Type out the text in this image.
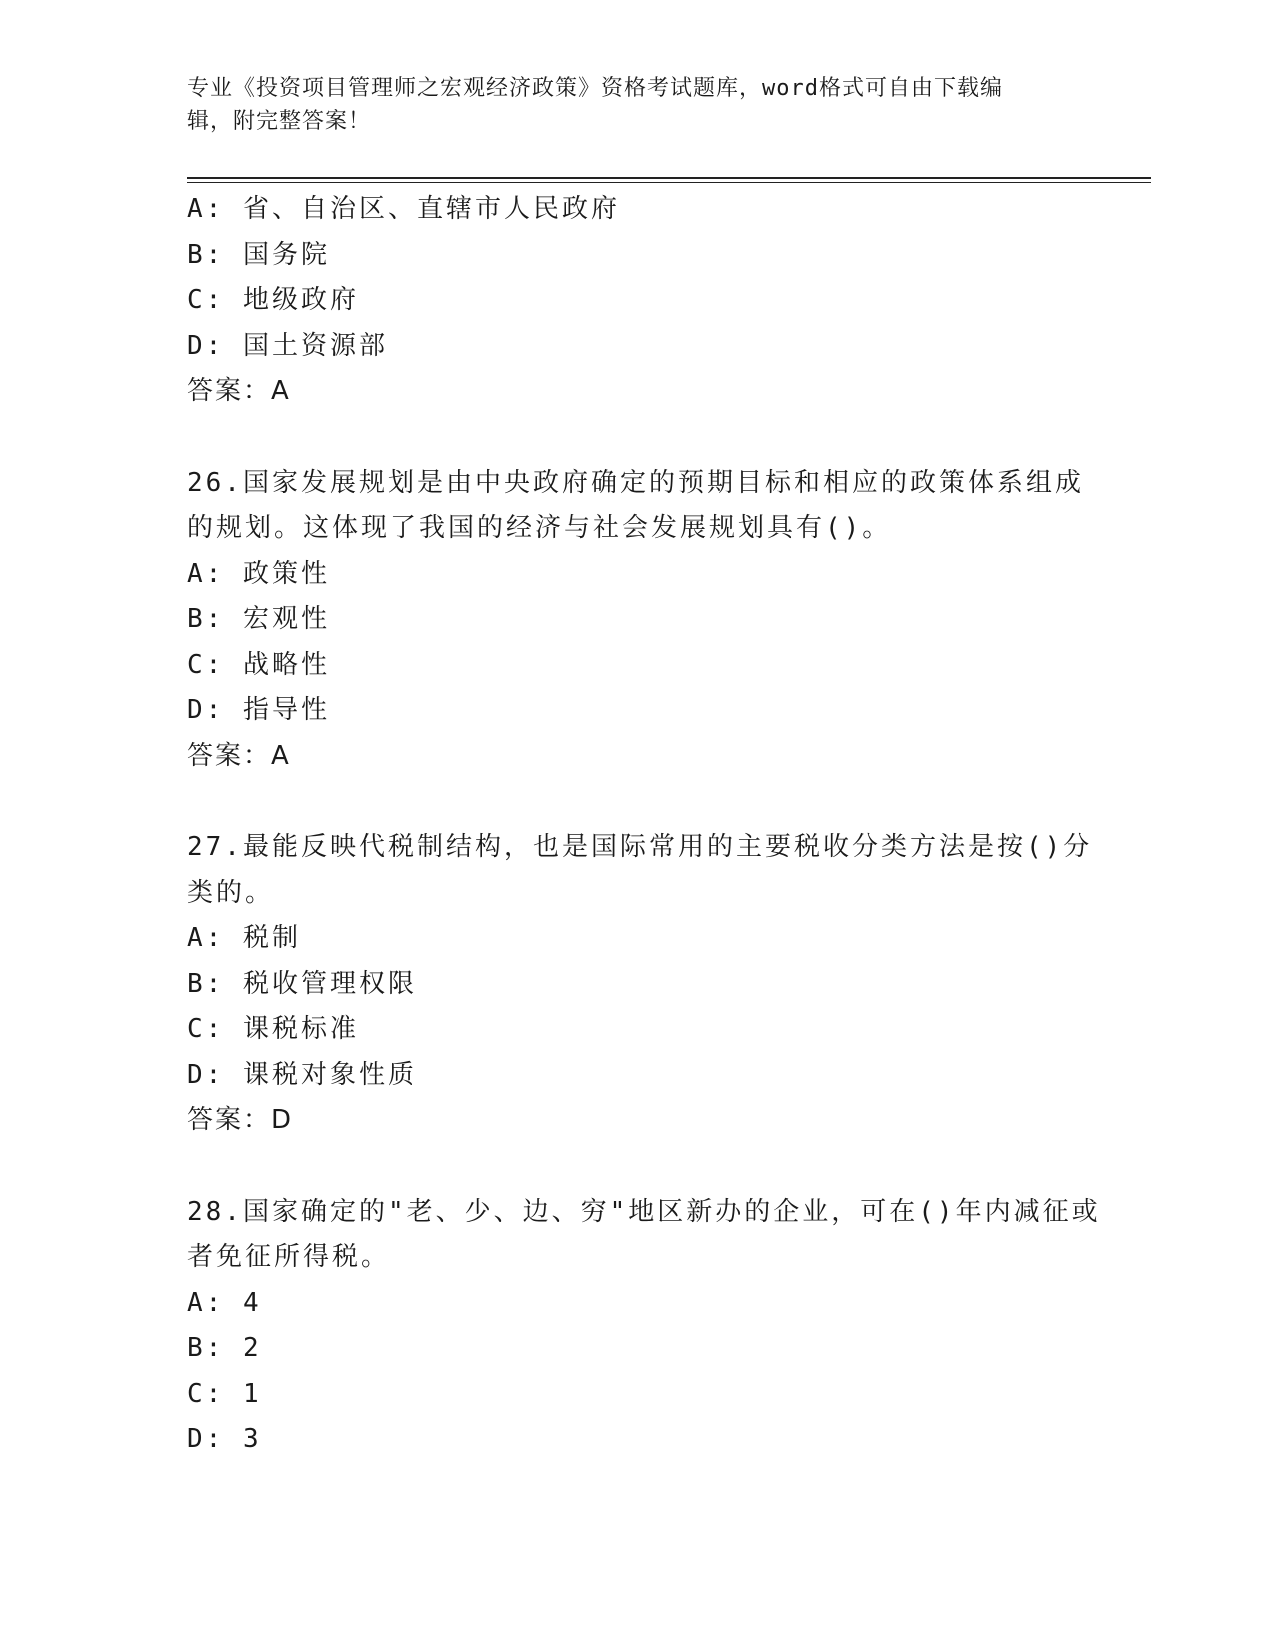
专业《投资项目管理师之宏观经济政策》资格考试题库，word格式可自由下载编
辑，附完整答案！
A: 省、自治区、直辖市人民政府
B: 国务院
C: 地级政府
D: 国土资源部
答案：A
26.国家发展规划是由中央政府确定的预期目标和相应的政策体系组成
的规划。这体现了我国的经济与社会发展规划具有()。
A: 政策性
B: 宏观性
C: 战略性
D: 指导性
答案：A
27.最能反映代税制结构，也是国际常用的主要税收分类方法是按()分
类的。
A: 税制
B: 税收管理权限
C: 课税标准
D: 课税对象性质
答案：D
28.国家确定的"老、少、边、穷"地区新办的企业，可在()年内减征或
者免征所得税。
A: 4
B: 2
C: 1
D: 3
